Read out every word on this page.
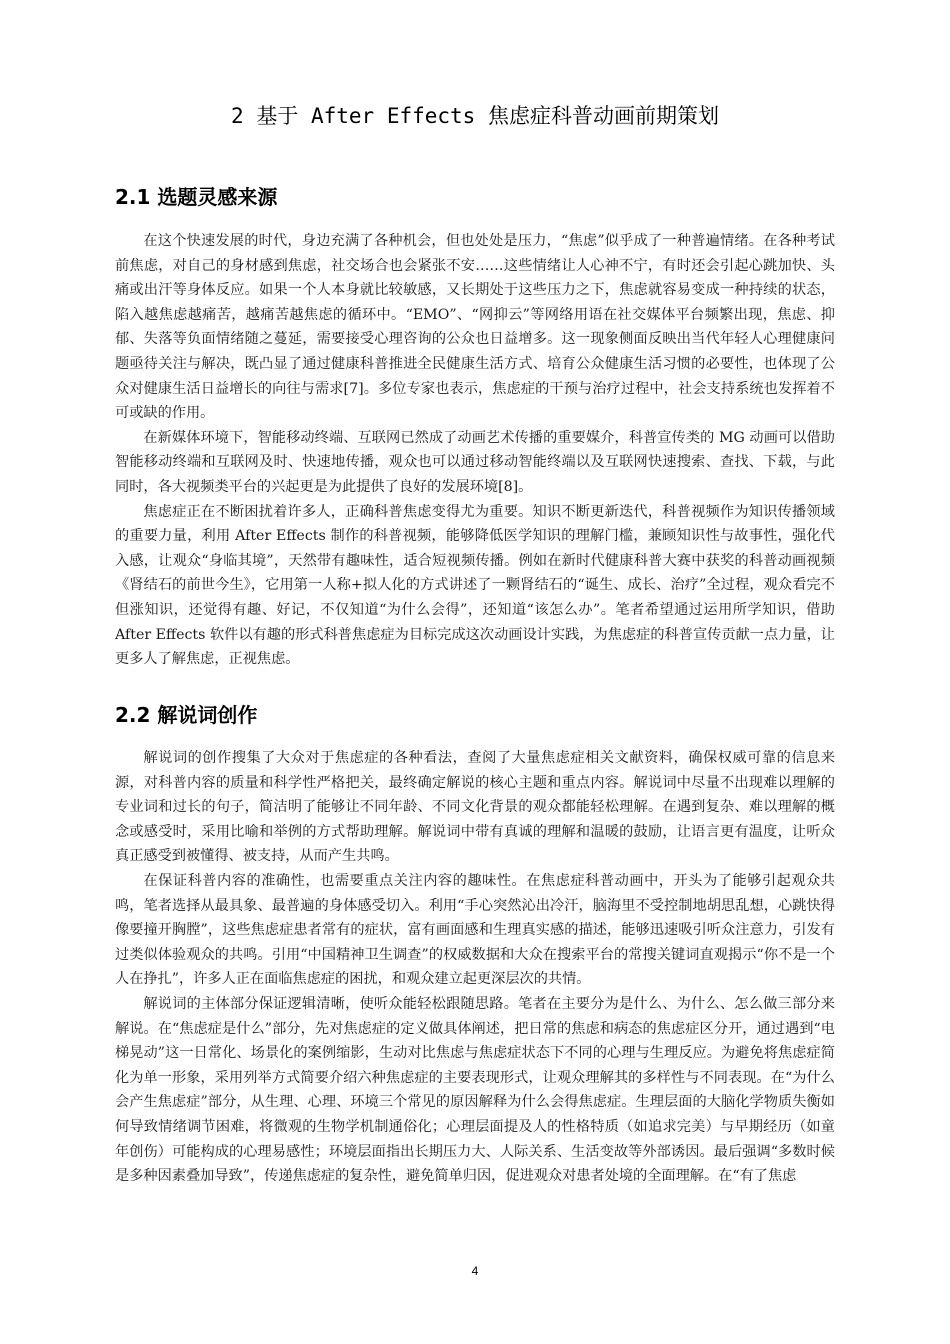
2 基于 After Effects 焦虑症科普动画前期策划
2.1 选题灵感来源

在这个快速发展的时代，身边充满了各种机会，但也处处是压力，“焦虑”似乎成了一种普遍情绪。在各种考试前焦虑，对自己的身材感到焦虑，社交场合也会紧张不安……这些情绪让人心神不宁，有时还会引起心跳加快、头痛或出汗等身体反应。如果一个人本身就比较敏感，又长期处于这些压力之下，焦虑就容易变成一种持续的状态，陷入越焦虑越痛苦，越痛苦越焦虑的循环中。“EMO”、“网抑云”等网络用语在社交媒体平台频繁出现，焦虑、抑郁、失落等负面情绪随之蔓延，需要接受心理咨询的公众也日益增多。这一现象侧面反映出当代年轻人心理健康问题亟待关注与解决，既凸显了通过健康科普推进全民健康生活方式、培育公众健康生活习惯的必要性，也体现了公众对健康生活日益增长的向往与需求[7]。多位专家也表示，焦虑症的干预与治疗过程中，社会支持系统也发挥着不可或缺的作用。

在新媒体环境下，智能移动终端、互联网已然成了动画艺术传播的重要媒介，科普宣传类的 MG 动画可以借助智能移动终端和互联网及时、快速地传播，观众也可以通过移动智能终端以及互联网快速搜索、查找、下载，与此同时，各大视频类平台的兴起更是为此提供了良好的发展环境[8]。

焦虑症正在不断困扰着许多人，正确科普焦虑变得尤为重要。知识不断更新迭代，科普视频作为知识传播领域的重要力量，利用 After Effects 制作的科普视频，能够降低医学知识的理解门槛，兼顾知识性与故事性，强化代入感，让观众“身临其境”，天然带有趣味性，适合短视频传播。例如在新时代健康科普大赛中获奖的科普动画视频《肾结石的前世今生》，它用第一人称+拟人化的方式讲述了一颗肾结石的“诞生、成长、治疗”全过程，观众看完不但涨知识，还觉得有趣、好记，不仅知道“为什么会得”，还知道“该怎么办”。笔者希望通过运用所学知识，借助 After Effects 软件以有趣的形式科普焦虑症为目标完成这次动画设计实践，为焦虑症的科普宣传贡献一点力量，让更多人了解焦虑，正视焦虑。

2.2 解说词创作

解说词的创作搜集了大众对于焦虑症的各种看法，查阅了大量焦虑症相关文献资料，确保权威可靠的信息来源，对科普内容的质量和科学性严格把关，最终确定解说的核心主题和重点内容。解说词中尽量不出现难以理解的专业词和过长的句子，简洁明了能够让不同年龄、不同文化背景的观众都能轻松理解。在遇到复杂、难以理解的概念或感受时，采用比喻和举例的方式帮助理解。解说词中带有真诚的理解和温暖的鼓励，让语言更有温度，让听众真正感受到被懂得、被支持，从而产生共鸣。

在保证科普内容的准确性，也需要重点关注内容的趣味性。在焦虑症科普动画中，开头为了能够引起观众共鸣，笔者选择从最具象、最普遍的身体感受切入。利用“手心突然沁出冷汗，脑海里不受控制地胡思乱想，心跳快得像要撞开胸膛”，这些焦虑症患者常有的症状，富有画面感和生理真实感的描述，能够迅速吸引听众注意力，引发有过类似体验观众的共鸣。引用“中国精神卫生调查”的权威数据和大众在搜索平台的常搜关键词直观揭示“你不是一个人在挣扎”，许多人正在面临焦虑症的困扰，和观众建立起更深层次的共情。

解说词的主体部分保证逻辑清晰，使听众能轻松跟随思路。笔者在主要分为是什么、为什么、怎么做三部分来解说。在“焦虑症是什么”部分，先对焦虑症的定义做具体阐述，把日常的焦虑和病态的焦虑症区分开，通过遇到“电梯晃动”这一日常化、场景化的案例缩影，生动对比焦虑与焦虑症状态下不同的心理与生理反应。为避免将焦虑症简化为单一形象，采用列举方式简要介绍六种焦虑症的主要表现形式，让观众理解其的多样性与不同表现。在“为什么会产生焦虑症”部分，从生理、心理、环境三个常见的原因解释为什么会得焦虑症。生理层面的大脑化学物质失衡如何导致情绪调节困难，将微观的生物学机制通俗化；心理层面提及人的性格特质（如追求完美）与早期经历（如童年创伤）可能构成的心理易感性；环境层面指出长期压力大、人际关系、生活变故等外部诱因。最后强调“多数时候是多种因素叠加导致”，传递焦虑症的复杂性，避免简单归因，促进观众对患者处境的全面理解。在“有了焦虑

4
